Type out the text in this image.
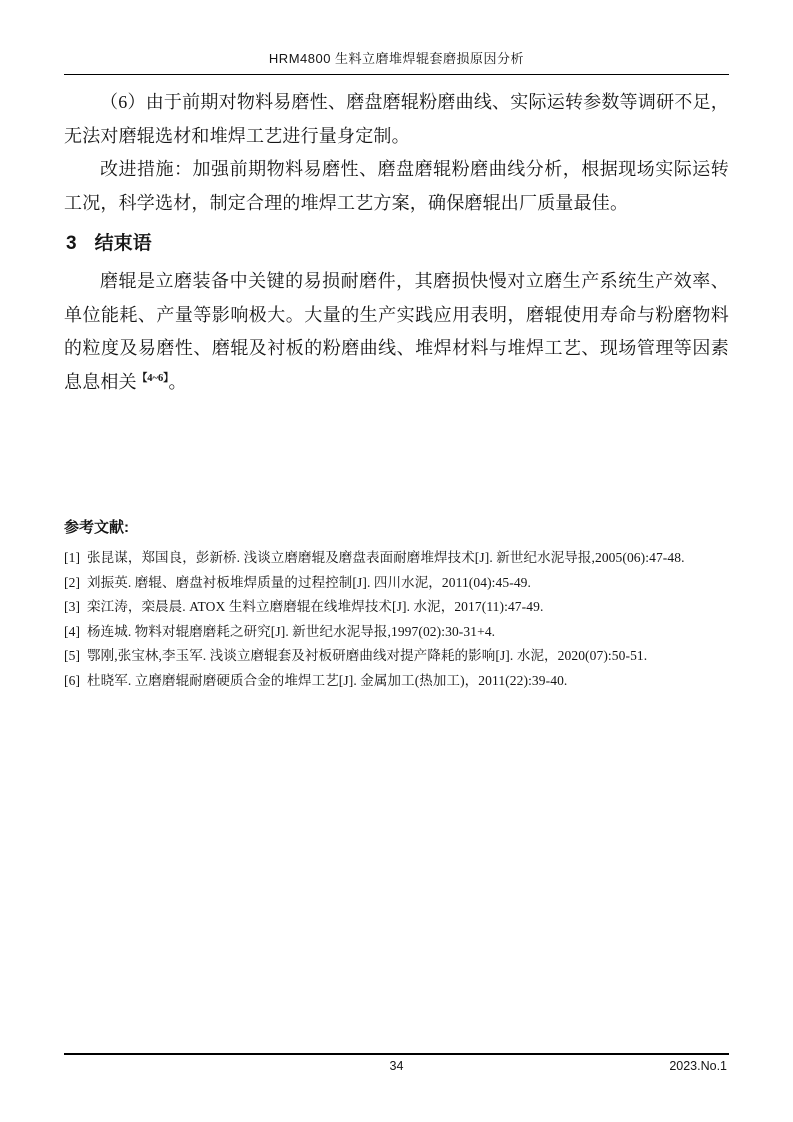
HRM4800 生料立磨堆焊辊套磨损原因分析

（6）由于前期对物料易磨性、磨盘磨辊粉磨曲线、实际运转参数等调研不足，无法对磨辊选材和堆焊工艺进行量身定制。

改进措施：加强前期物料易磨性、磨盘磨辊粉磨曲线分析，根据现场实际运转工况，科学选材，制定合理的堆焊工艺方案，确保磨辊出厂质量最佳。

3 结束语

磨辊是立磨装备中关键的易损耐磨件，其磨损快慢对立磨生产系统生产效率、单位能耗、产量等影响极大。大量的生产实践应用表明，磨辊使用寿命与粉磨物料的粒度及易磨性、磨辊及衬板的粉磨曲线、堆焊材料与堆焊工艺、现场管理等因素息息相关$^{【4\sim 6】}$。

参考文献:

[1] 张昆谋，郑国良，彭新桥. 浅谈立磨磨辊及磨盘表面耐磨堆焊技术[J]. 新世纪水泥导报,2005(06):47-48.

[2] 刘振英. 磨辊、磨盘衬板堆焊质量的过程控制[J]. 四川水泥，2011(04):45-49.

[3] 栾江涛，栾晨晨. ATOX 生料立磨磨辊在线堆焊技术[J]. 水泥，2017(11):47-49.

[4] 杨连城. 物料对辊磨磨耗之研究[J]. 新世纪水泥导报,1997(02):30-31+4.

[5] 鄂刚,张宝林,李玉军. 浅谈立磨辊套及衬板研磨曲线对提产降耗的影响[J]. 水泥，2020(07):50-51.

[6] 杜晓军. 立磨磨辊耐磨硬质合金的堆焊工艺[J]. 金属加工(热加工)，2011(22):39-40.

34	2023.No.1
